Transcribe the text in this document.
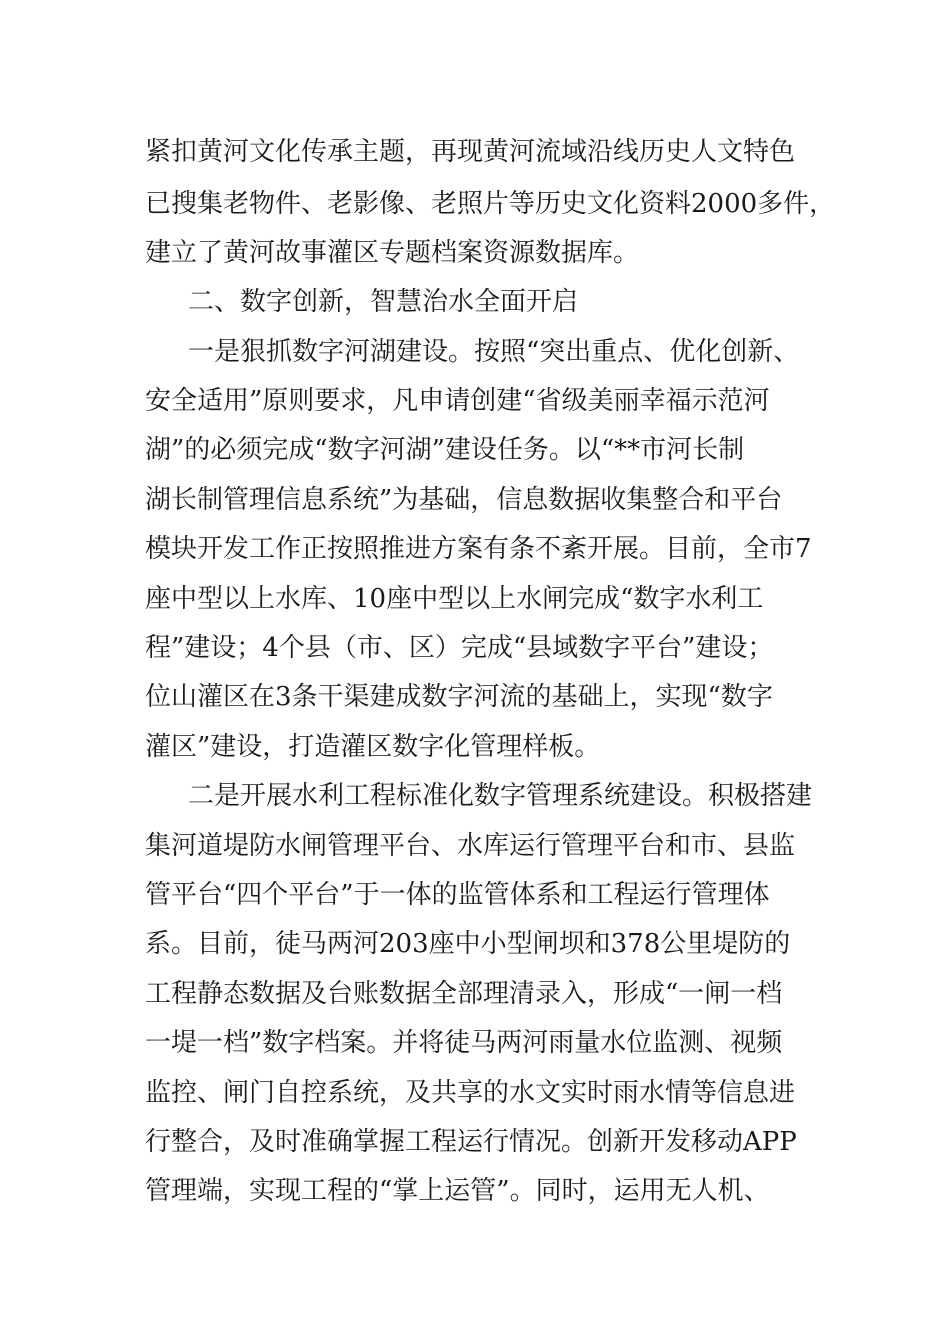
紧扣黄河文化传承主题，再现黄河流域沿线历史人文特色
已搜集老物件、老影像、老照片等历史文化资料2000多件，
建立了黄河故事灌区专题档案资源数据库。
二、数字创新，智慧治水全面开启
一是狠抓数字河湖建设。按照“突出重点、优化创新、
安全适用”原则要求，凡申请创建“省级美丽幸福示范河
湖”的必须完成“数字河湖”建设任务。以“**市河长制
湖长制管理信息系统”为基础，信息数据收集整合和平台
模块开发工作正按照推进方案有条不紊开展。目前，全市7
座中型以上水库、10座中型以上水闸完成“数字水利工
程”建设；4个县（市、区）完成“县域数字平台”建设；
位山灌区在3条干渠建成数字河流的基础上，实现“数字
灌区”建设，打造灌区数字化管理样板。
二是开展水利工程标准化数字管理系统建设。积极搭建
集河道堤防水闸管理平台、水库运行管理平台和市、县监
管平台“四个平台”于一体的监管体系和工程运行管理体
系。目前，徒马两河203座中小型闸坝和378公里堤防的
工程静态数据及台账数据全部理清录入，形成“一闸一档
一堤一档”数字档案。并将徒马两河雨量水位监测、视频
监控、闸门自控系统，及共享的水文实时雨水情等信息进
行整合，及时准确掌握工程运行情况。创新开发移动APP
管理端，实现工程的“掌上运管”。同时，运用无人机、
